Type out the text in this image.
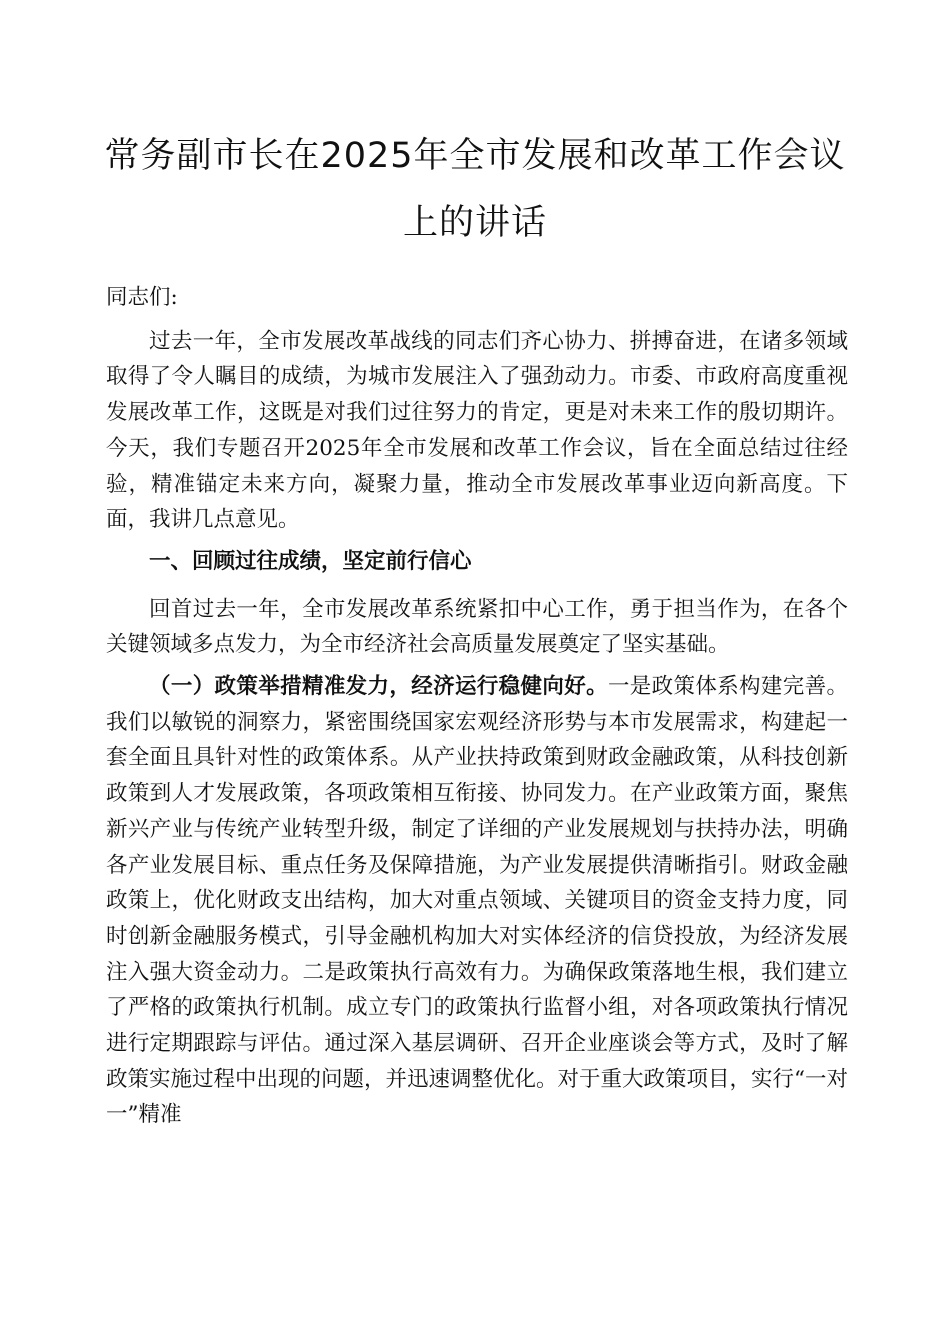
常务副市长在2025年全市发展和改革工作会议
上的讲话

同志们:

过去一年，全市发展改革战线的同志们齐心协力、拼搏奋进，在诸多领域取得了令人瞩目的成绩，为城市发展注入了强劲动力。市委、市政府高度重视发展改革工作，这既是对我们过往努力的肯定，更是对未来工作的殷切期许。今天，我们专题召开2025年全市发展和改革工作会议，旨在全面总结过往经验，精准锚定未来方向，凝聚力量，推动全市发展改革事业迈向新高度。下面，我讲几点意见。

一、回顾过往成绩，坚定前行信心

回首过去一年，全市发展改革系统紧扣中心工作，勇于担当作为，在各个关键领域多点发力，为全市经济社会高质量发展奠定了坚实基础。

（一）政策举措精准发力，经济运行稳健向好。一是政策体系构建完善。我们以敏锐的洞察力，紧密围绕国家宏观经济形势与本市发展需求，构建起一套全面且具针对性的政策体系。从产业扶持政策到财政金融政策，从科技创新政策到人才发展政策，各项政策相互衔接、协同发力。在产业政策方面，聚焦新兴产业与传统产业转型升级，制定了详细的产业发展规划与扶持办法，明确各产业发展目标、重点任务及保障措施，为产业发展提供清晰指引。财政金融政策上，优化财政支出结构，加大对重点领域、关键项目的资金支持力度，同时创新金融服务模式，引导金融机构加大对实体经济的信贷投放，为经济发展注入强大资金动力。二是政策执行高效有力。为确保政策落地生根，我们建立了严格的政策执行机制。成立专门的政策执行监督小组，对各项政策执行情况进行定期跟踪与评估。通过深入基层调研、召开企业座谈会等方式，及时了解政策实施过程中出现的问题，并迅速调整优化。对于重大政策项目，实行“一对一”精准
